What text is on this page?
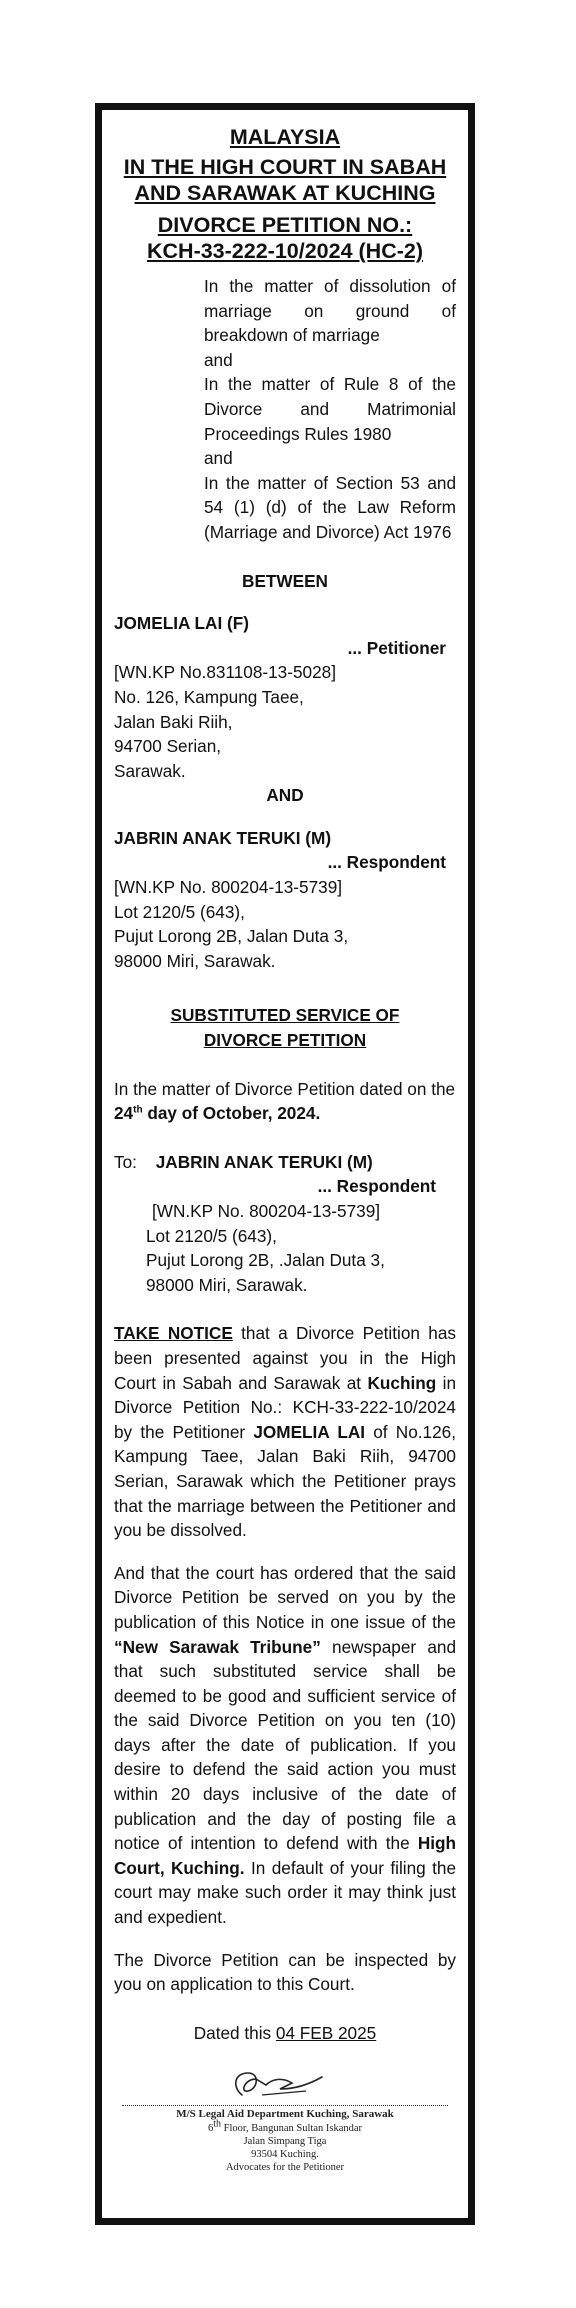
MALAYSIA
IN THE HIGH COURT IN SABAH
AND SARAWAK AT KUCHING
DIVORCE PETITION NO.:
KCH-33-222-10/2024 (HC-2)
In the matter of dissolution of marriage on ground of breakdown of marriage
and
In the matter of Rule 8 of the Divorce and Matrimonial Proceedings Rules 1980
and
In the matter of Section 53 and 54 (1) (d) of the Law Reform (Marriage and Divorce) Act 1976
BETWEEN
JOMELIA LAI (F)
... Petitioner
[WN.KP No.831108-13-5028]
No. 126, Kampung Taee,
Jalan Baki Riih,
94700 Serian,
Sarawak.
AND
JABRIN ANAK TERUKI (M)
... Respondent
[WN.KP No. 800204-13-5739]
Lot 2120/5 (643),
Pujut Lorong 2B, Jalan Duta 3,
98000 Miri, Sarawak.
SUBSTITUTED SERVICE OF
DIVORCE PETITION
In the matter of Divorce Petition dated on the
24th day of October, 2024.
To: JABRIN ANAK TERUKI (M)
... Respondent
[WN.KP No. 800204-13-5739]
Lot 2120/5 (643),
Pujut Lorong 2B, .Jalan Duta 3,
98000 Miri, Sarawak.
TAKE NOTICE that a Divorce Petition has been presented against you in the High Court in Sabah and Sarawak at Kuching in Divorce Petition No.: KCH-33-222-10/2024 by the Petitioner JOMELIA LAI of No.126, Kampung Taee, Jalan Baki Riih, 94700 Serian, Sarawak which the Petitioner prays that the marriage between the Petitioner and you be dissolved.
And that the court has ordered that the said Divorce Petition be served on you by the publication of this Notice in one issue of the “New Sarawak Tribune” newspaper and that such substituted service shall be deemed to be good and sufficient service of the said Divorce Petition on you ten (10) days after the date of publication. If you desire to defend the said action you must within 20 days inclusive of the date of publication and the day of posting file a notice of intention to defend with the High Court, Kuching. In default of your filing the court may make such order it may think just and expedient.
The Divorce Petition can be inspected by you on application to this Court.
Dated this 04 FEB 2025
M/S Legal Aid Department Kuching, Sarawak
6th Floor, Bangunan Sultan Iskandar
Jalan Simpang Tiga
93504 Kuching.
Advocates for the Petitioner
